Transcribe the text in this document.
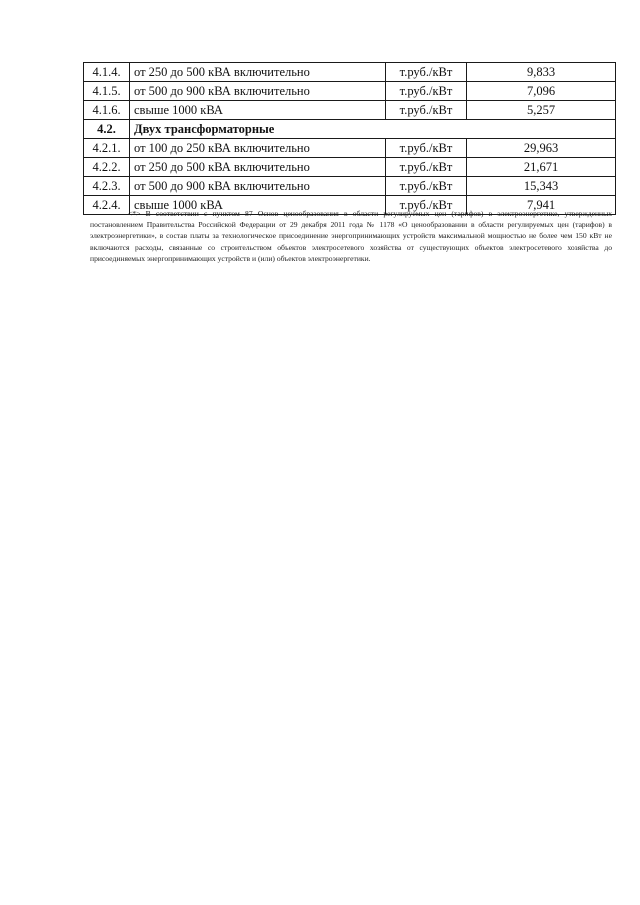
4.1.4.	от 250 до 500 кВА включительно	т.руб./кВт	9,833
4.1.5.	от 500 до 900 кВА включительно	т.руб./кВт	7,096
4.1.6.	свыше 1000 кВА	т.руб./кВт	5,257
4.2.	Двух трансформаторные		
4.2.1.	от 100 до 250 кВА включительно	т.руб./кВт	29,963
4.2.2.	от 250 до 500 кВА включительно	т.руб./кВт	21,671
4.2.3.	от 500 до 900 кВА включительно	т.руб./кВт	15,343
4.2.4.	свыше 1000 кВА	т.руб./кВт	7,941

<*> В соответствии с пунктом 87 Основ ценообразования в области регулируемых цен (тарифов) в электроэнергетике, утвержденных постановлением Правительства Российской Федерации от 29 декабря 2011 года № 1178 «О ценообразовании в области регулируемых цен (тарифов) в электроэнергетики», в состав платы за технологическое присоединение энергопринимающих устройств максимальной мощностью не более чем 150 кВт не включаются расходы, связанные со строительством объектов электросетевого хозяйства от существующих объектов электросетевого хозяйства до присоединяемых энергопринимающих устройств и (или) объектов электроэнергетики.
